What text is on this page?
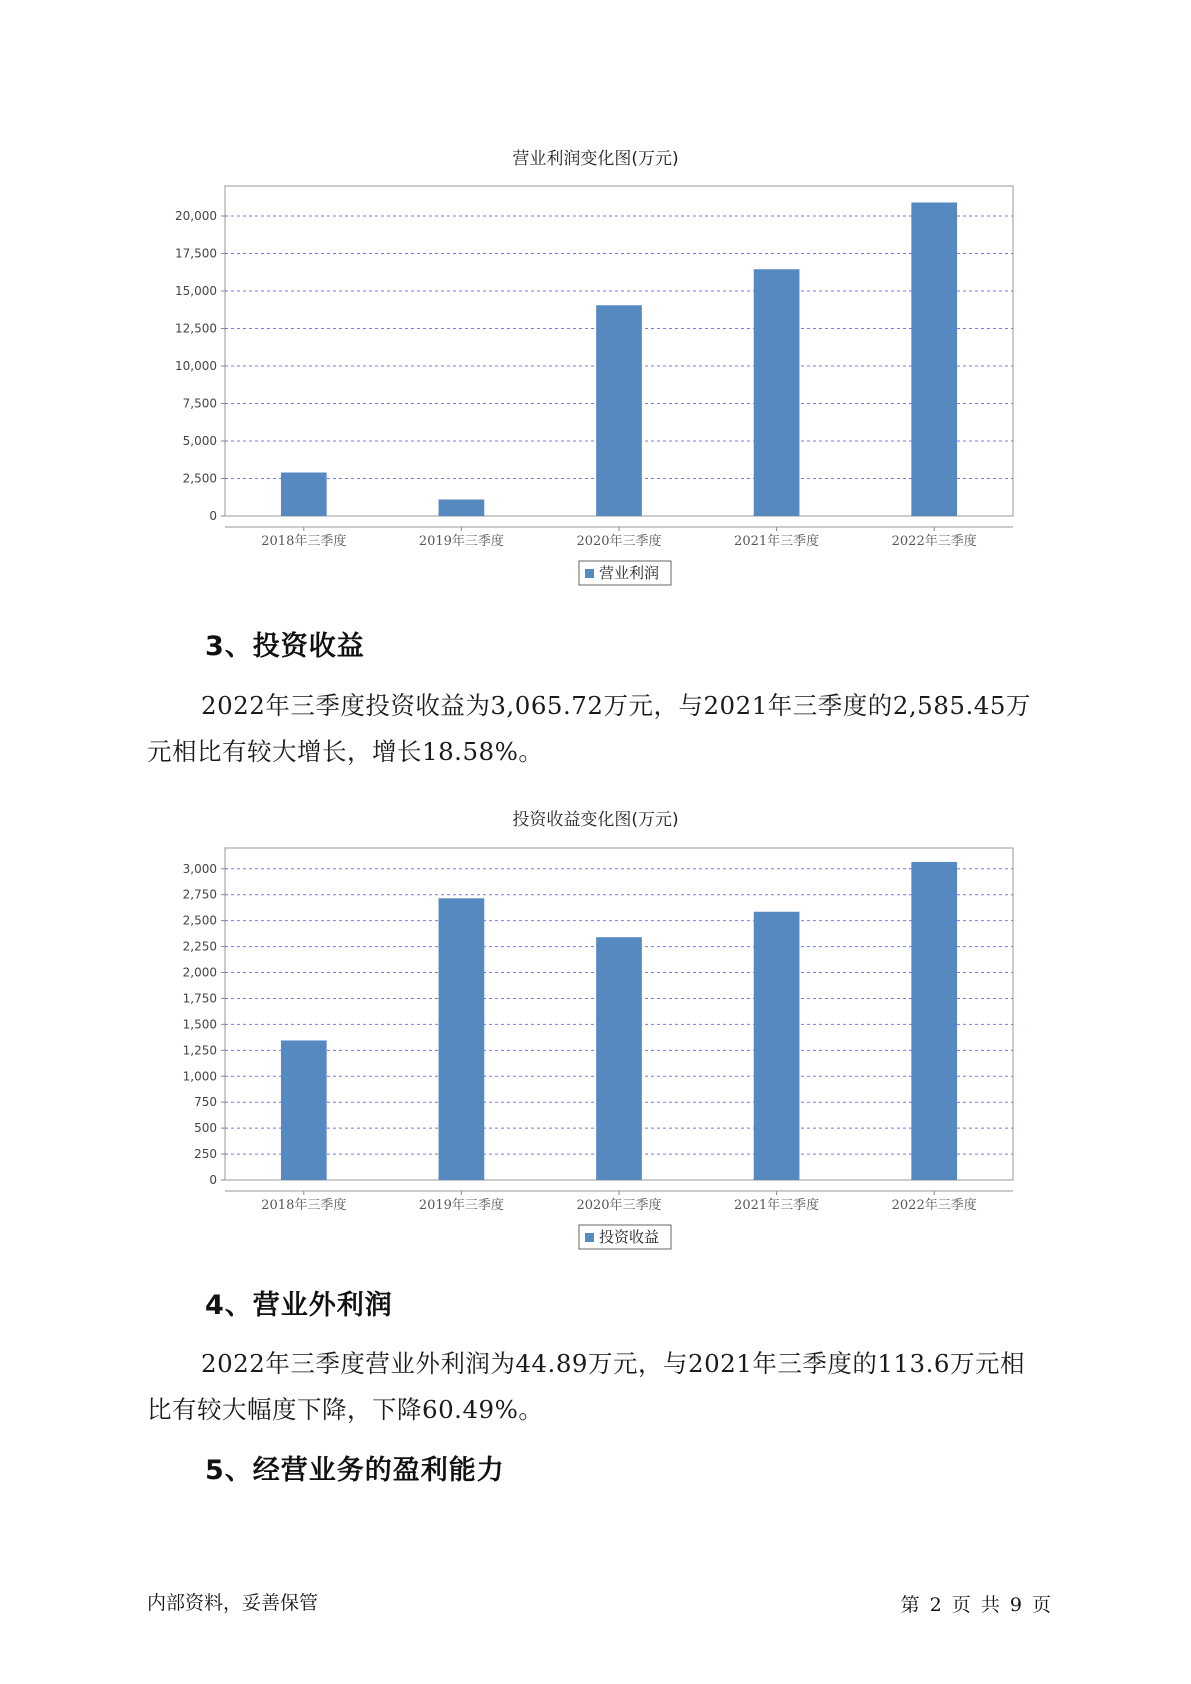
营业利润变化图(万元)
0
2,500
5,000
7,500
10,000
12,500
15,000
17,500
20,000
2018年三季度	2019年三季度	2020年三季度	2021年三季度	2022年三季度
营业利润
3、投资收益

2022年三季度投资收益为3,065.72万元，与2021年三季度的2,585.45万元相比有较大增长，增长18.58%。

投资收益变化图(万元)
0
250
500
750
1,000
1,250
1,500
1,750
2,000
2,250
2,500
2,750
3,000
2018年三季度	2019年三季度	2020年三季度	2021年三季度	2022年三季度
投资收益
4、营业外利润

2022年三季度营业外利润为44.89万元，与2021年三季度的113.6万元相比有较大幅度下降，下降60.49%。

5、经营业务的盈利能力
内部资料，妥善保管	第 2 页 共 9 页
